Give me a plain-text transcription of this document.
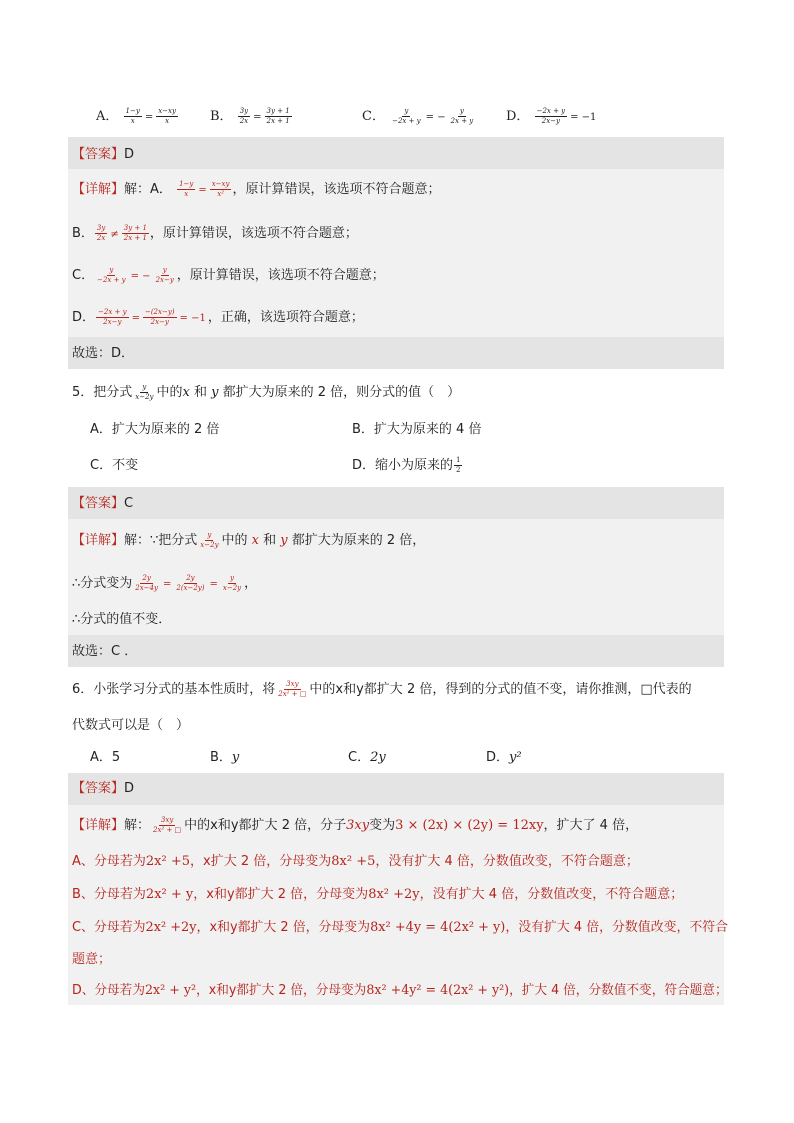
A． $\frac{1-y}{x} = \frac{x-xy}{x}$ B． $\frac{3y}{2x} = \frac{3y + 1}{2x + 1}$	C． $\frac{y}{-2x + y}$ = − $\frac{y}{2x + y}$ D． $\frac{-2x + y}{2x-y} = -1$
【答案】D
【详解】解：A． $\frac{1-y}{x} = \frac{x-xy}{\text{x²}}$ ，原计算错误，该选项不符合题意；
B． $\frac{3y}{2x} \ne \frac{3y + 1}{2x + 1}$ ，原计算错误，该选项不符合题意；
C． $\frac{y}{-2x + y}$ = − $\frac{y}{2x-y}$ ，原计算错误，该选项不符合题意；
D． $\frac{-2x + y}{2x-y} = \frac{-(2x-y)}{2x-y} = -1$ ，正确，该选项符合题意；
故选：D．
5．把分式 $\frac{y}{x-2y}$ 中的x 和 y 都扩大为原来的 2 倍，则分式的值（　）
A．扩大为原来的 2 倍	B．扩大为原来的 4 倍
C．不变	D．缩小为原来的 $\frac{1}{2}$
【答案】C
【详解】解：∵把分式 $\frac{y}{x-2y}$ 中的 x 和 y 都扩大为原来的 2 倍，
∴分式变为 $\frac{2y}{2x-4y} = \frac{2y}{2(x-2y)} = \frac{y}{x-2y}$ ，
∴分式的值不变．
故选：C ．
6．小张学习分式的基本性质时，将 $\frac{3xy}{\text{2x² + □}}$ 中的x和y都扩大 2 倍，得到的分式的值不变，请你推测，□代表的
代数式可以是（　）
A．5	B．y	C．2y	D．y²
【答案】D
【详解】解： $\frac{3xy}{\text{2x² + □}}$ 中的x和y都扩大 2 倍，分子3xy变为3 × (2x) × (2y) = 12xy，扩大了 4 倍，
A、分母若为2x² +5，x扩大 2 倍，分母变为8x² +5，没有扩大 4 倍，分数值改变，不符合题意；
B、分母若为2x² + y，x和y都扩大 2 倍，分母变为8x² +2y，没有扩大 4 倍，分数值改变，不符合题意；
C、分母若为2x² +2y，x和y都扩大 2 倍，分母变为8x² +4y = 4(2x² + y)，没有扩大 4 倍，分数值改变，不符合
题意；
D、分母若为2x² + y²，x和y都扩大 2 倍，分母变为8x² +4y² = 4(2x² + y²)，扩大 4 倍，分数值不变，符合题意；
